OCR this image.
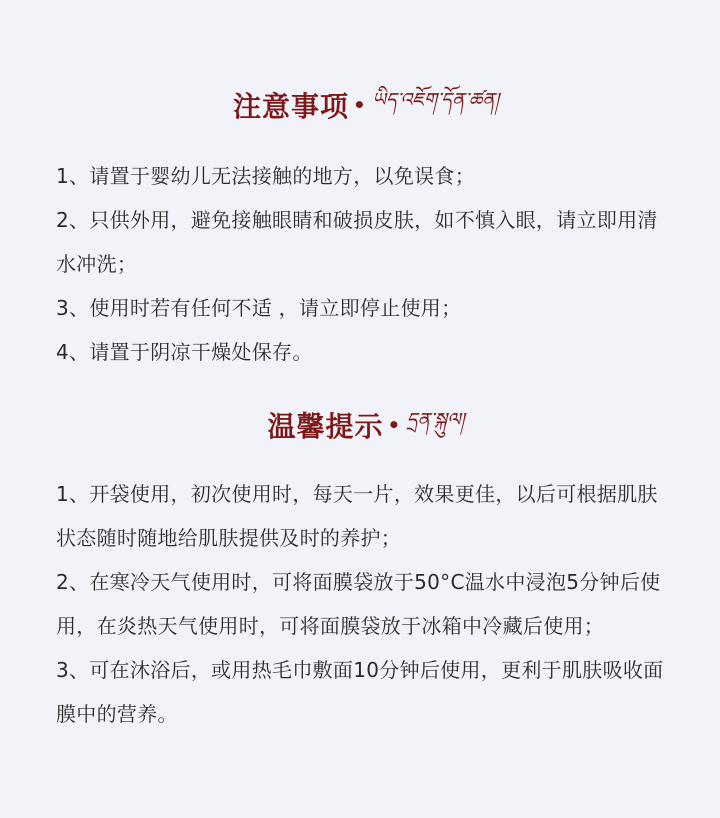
注意事项 • ཡིད་འཇོག་དོན་ཚན།

1、请置于婴幼儿无法接触的地方，以免误食；

2、只供外用，避免接触眼睛和破损皮肤，如不慎入眼，请立即用清水冲洗；

3、使用时若有任何不适 ，请立即停止使用；

4、请置于阴凉干燥处保存。

温馨提示 • དྲན་སྐུལ།

1、开袋使用，初次使用时，每天一片，效果更佳，以后可根据肌肤状态随时随地给肌肤提供及时的养护；

2、在寒冷天气使用时，可将面膜袋放于50°C温水中浸泡5分钟后使用，在炎热天气使用时，可将面膜袋放于冰箱中冷藏后使用；

3、可在沐浴后，或用热毛巾敷面10分钟后使用，更利于肌肤吸收面膜中的营养。
